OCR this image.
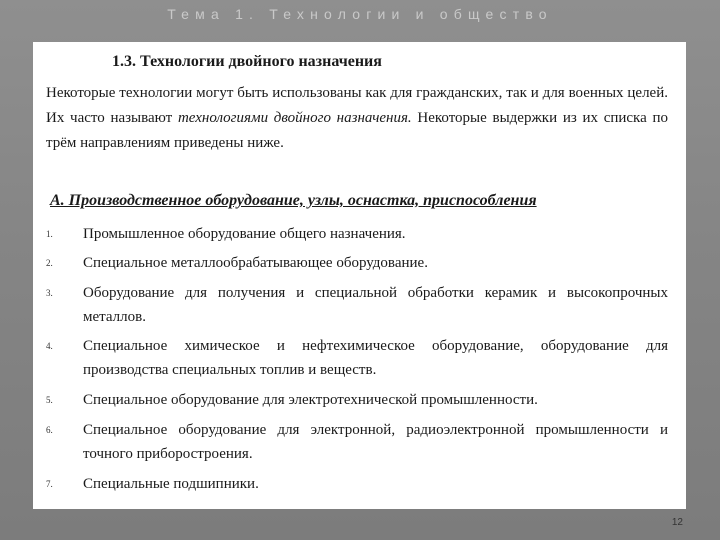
Тема 1. Технологии и общество
1.3. Технологии двойного назначения
Некоторые технологии могут быть использованы как для гражданских, так и для военных целей. Их часто называют технологиями двойного назначения. Некоторые выдержки из их списка по трём направлениям приведены ниже.
А. Производственное оборудование, узлы, оснастка, приспособления
1. Промышленное оборудование общего назначения.
2. Специальное металлообрабатывающее оборудование.
3. Оборудование для получения и специальной обработки керамик и высокопрочных металлов.
4. Специальное химическое и нефтехимическое оборудование, оборудование для производства специальных топлив и веществ.
5. Специальное оборудование для электротехнической промышленности.
6. Специальное оборудование для электронной, радиоэлектронной промышленности и точного приборостроения.
7. Специальные подшипники.
12
